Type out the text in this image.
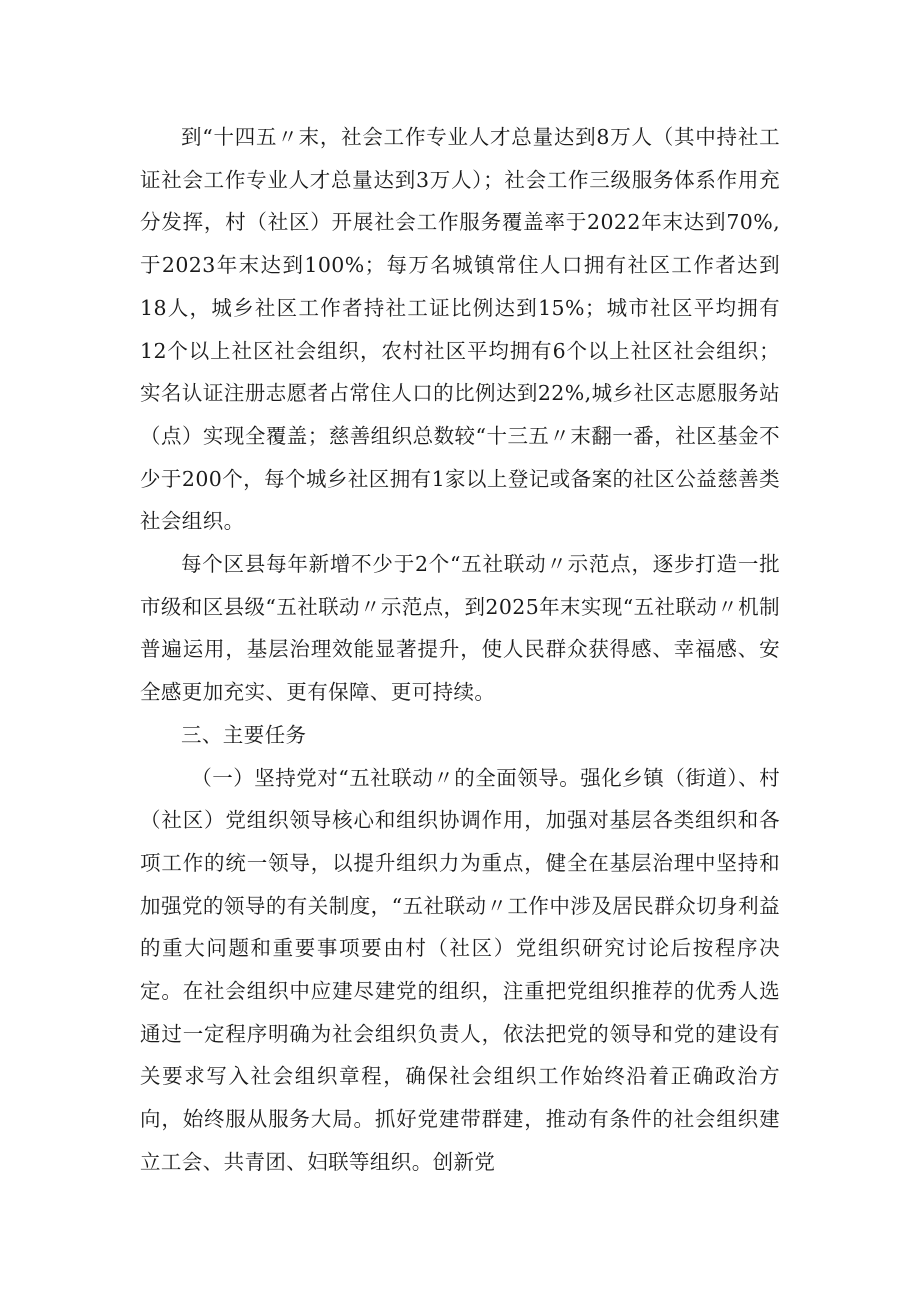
到“十四五〃末，社会工作专业人才总量达到8万人（其中持社工证社会工作专业人才总量达到3万人）；社会工作三级服务体系作用充分发挥，村（社区）开展社会工作服务覆盖率于2022年末达到70%,于2023年末达到100%；每万名城镇常住人口拥有社区工作者达到18人，城乡社区工作者持社工证比例达到15%；城市社区平均拥有12个以上社区社会组织，农村社区平均拥有6个以上社区社会组织；实名认证注册志愿者占常住人口的比例达到22%,城乡社区志愿服务站（点）实现全覆盖；慈善组织总数较“十三五〃末翻一番，社区基金不少于200个，每个城乡社区拥有1家以上登记或备案的社区公益慈善类社会组织。

每个区县每年新增不少于2个“五社联动〃示范点，逐步打造一批市级和区县级“五社联动〃示范点，到2025年末实现“五社联动〃机制普遍运用，基层治理效能显著提升，使人民群众获得感、幸福感、安全感更加充实、更有保障、更可持续。

三、主要任务

（一）坚持党对“五社联动〃的全面领导。强化乡镇（街道）、村（社区）党组织领导核心和组织协调作用，加强对基层各类组织和各项工作的统一领导，以提升组织力为重点，健全在基层治理中坚持和加强党的领导的有关制度，“五社联动〃工作中涉及居民群众切身利益的重大问题和重要事项要由村（社区）党组织研究讨论后按程序决定。在社会组织中应建尽建党的组织，注重把党组织推荐的优秀人选通过一定程序明确为社会组织负责人，依法把党的领导和党的建设有关要求写入社会组织章程，确保社会组织工作始终沿着正确政治方向，始终服从服务大局。抓好党建带群建，推动有条件的社会组织建立工会、共青团、妇联等组织。创新党
